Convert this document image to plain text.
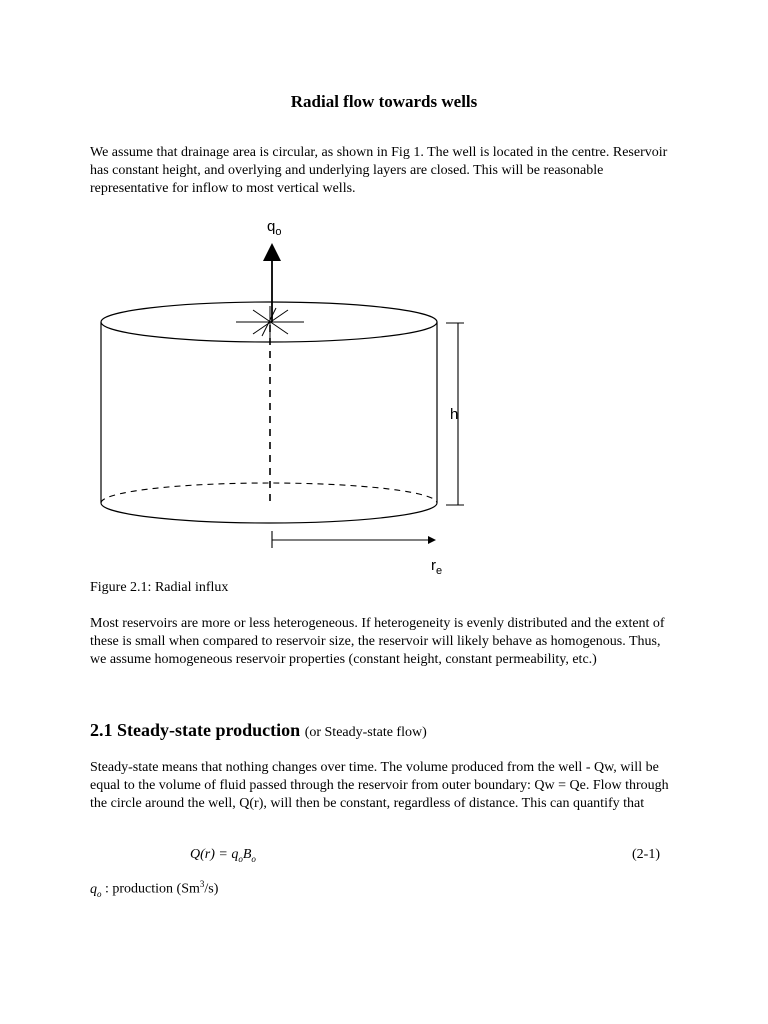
Radial flow towards wells
We assume that drainage area is circular, as shown in Fig 1. The well is located in the centre. Reservoir has constant height, and overlying and underlying layers are closed. This will be reasonable representative for inflow to most vertical wells.
$q_o$
h
$r_e$
Figure 2.1: Radial influx
Most reservoirs are more or less heterogeneous. If heterogeneity is evenly distributed and the extent of these is small when compared to reservoir size, the reservoir will likely behave as homogenous. Thus, we assume homogeneous reservoir properties (constant height, constant permeability, etc.)
2.1 Steady-state production (or Steady-state flow)
Steady-state means that nothing changes over time. The volume produced from the well - Qw, will be equal to the volume of fluid passed through the reservoir from outer boundary: Qw = Qe. Flow through the circle around the well, Q(r), will then be constant, regardless of distance. This can quantify that
$Q(r) = q_oB_o$	(2-1)
$q_o$ : production (Sm$^3$/s)
